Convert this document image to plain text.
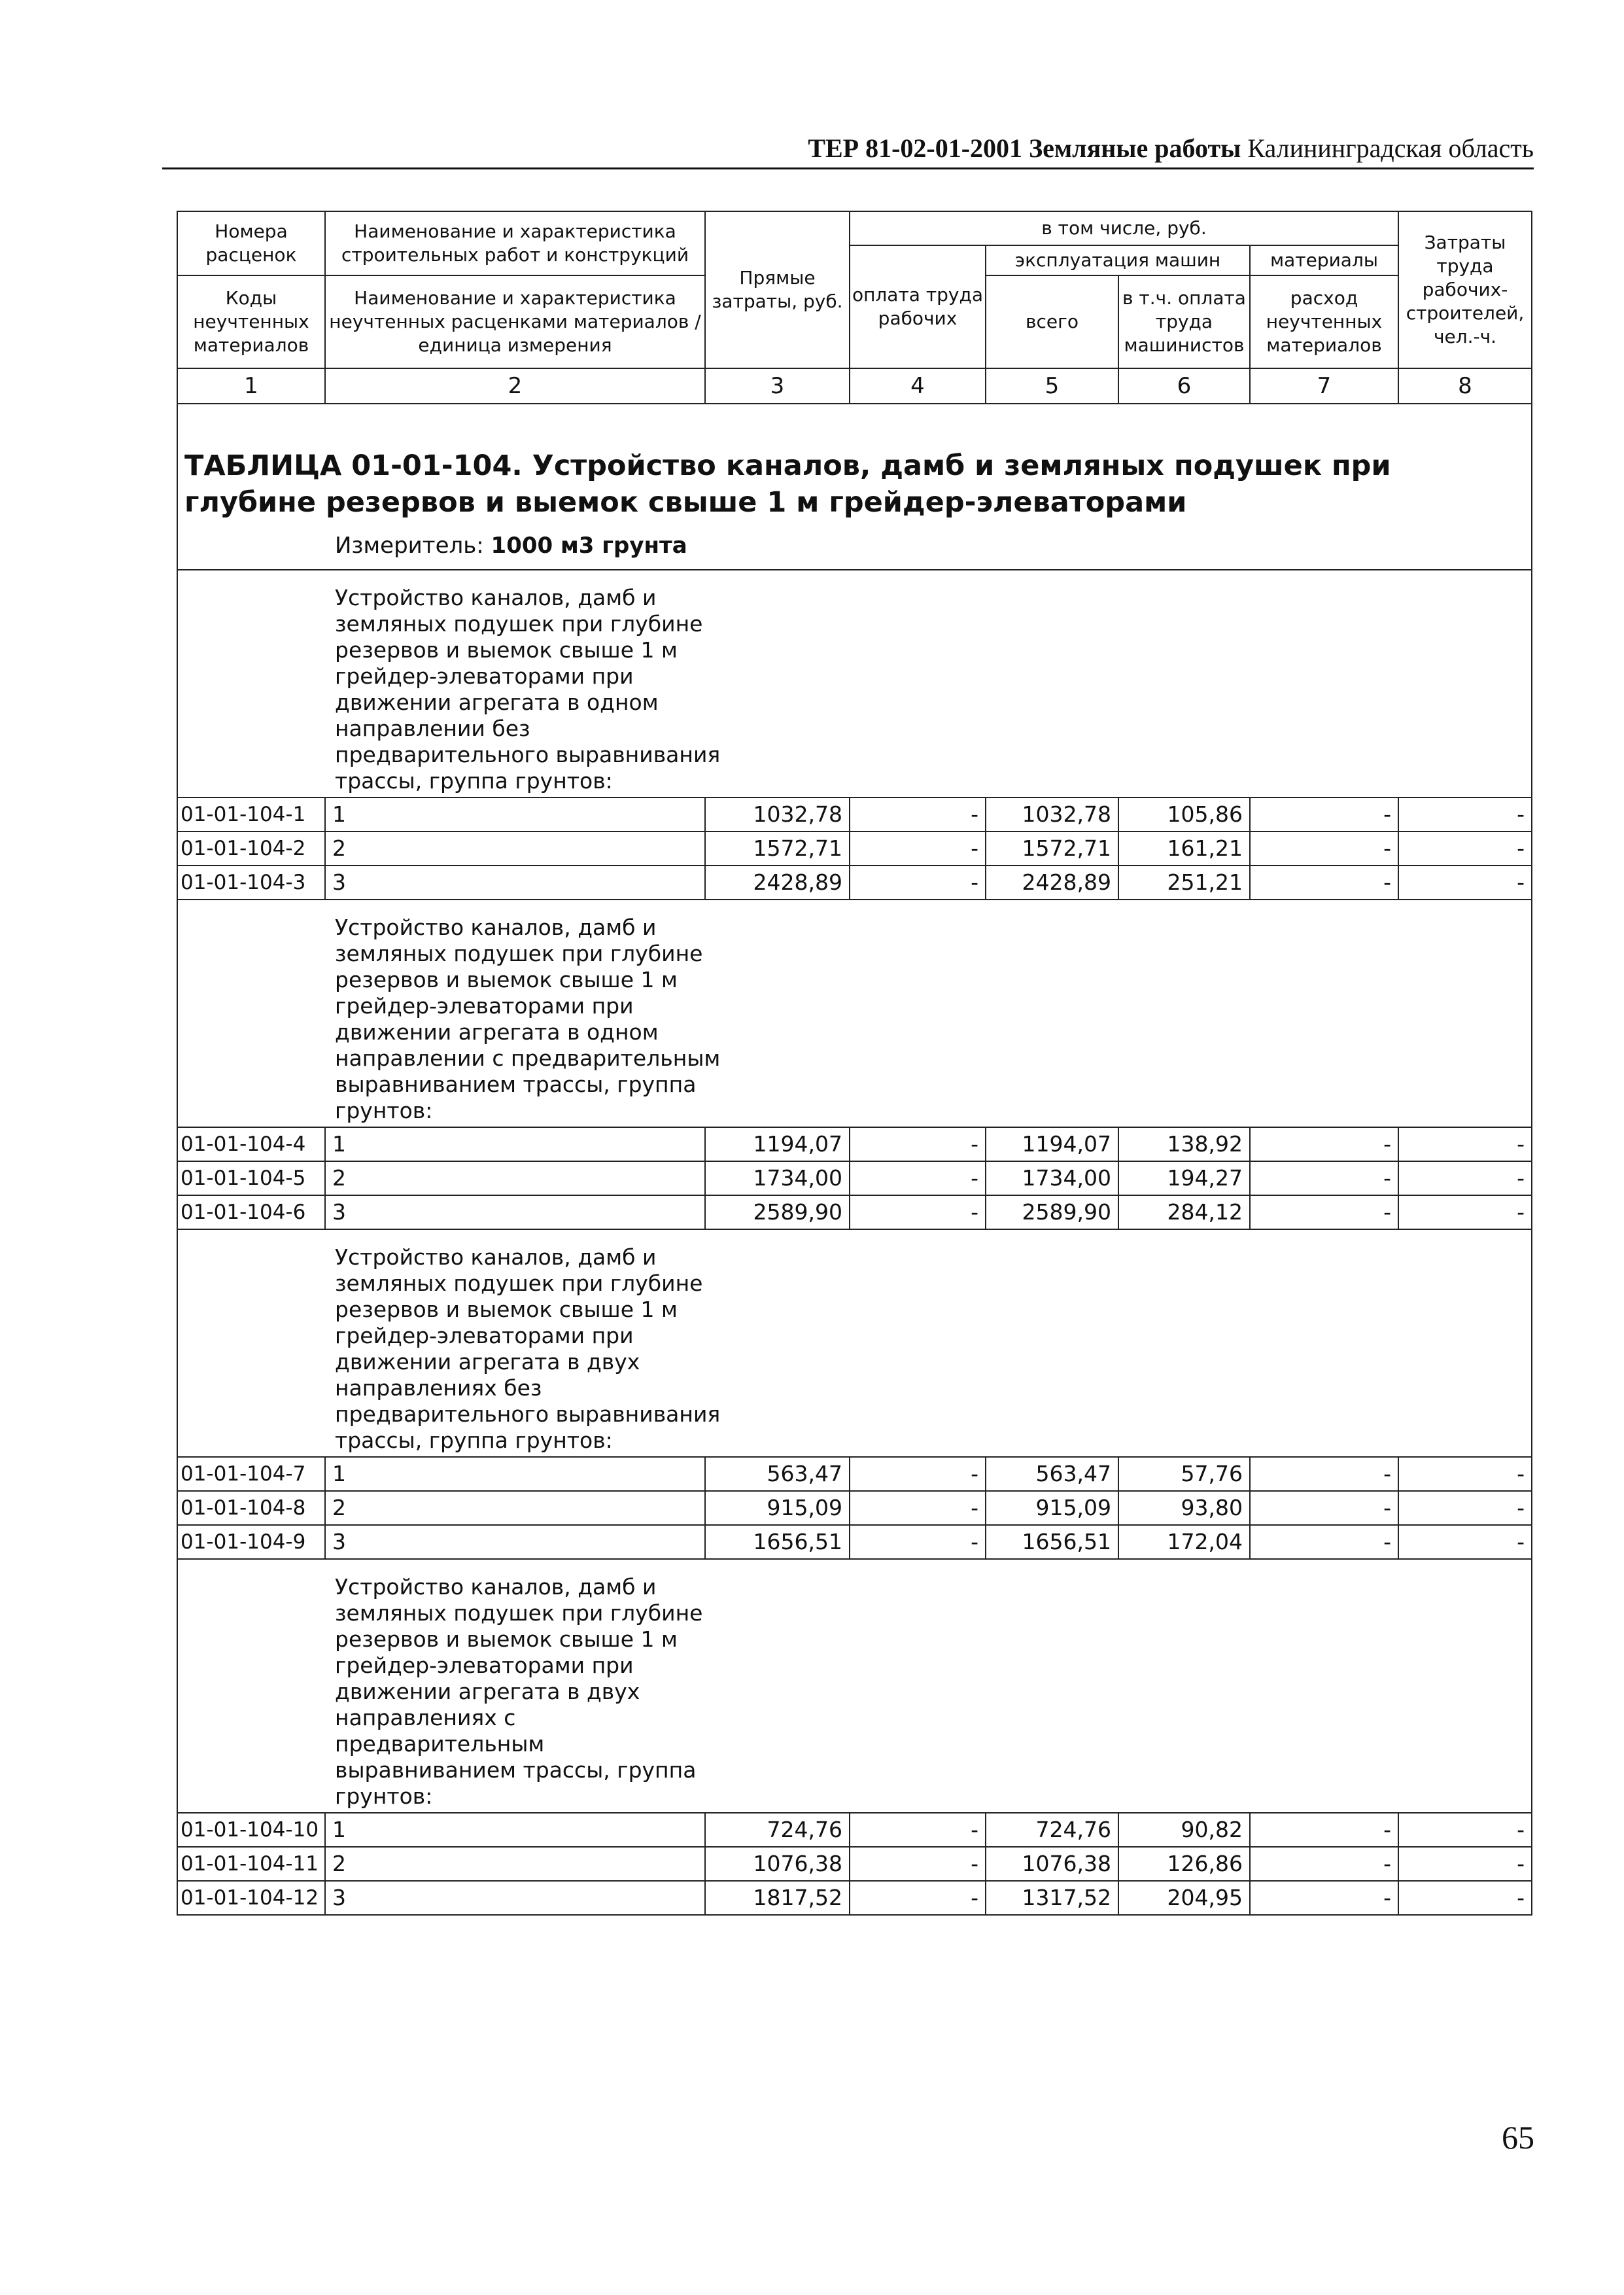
ТЕР 81-02-01-2001 Земляные работы Калининградская область
Номера расценок	Наименование и характеристика строительных работ и конструкций	Прямые затраты, руб.	в том числе, руб.				Затраты труда рабочих-строителей, чел.-ч.
			оплата труда рабочих	эксплуатация машин		материалы	
Коды неучтенных материалов	Наименование и характеристика неучтенных расценками материалов / единица измерения			всего	в т.ч. оплата труда машинистов	расход неучтенных материалов	

1	2	3	4	5	6	7	8

ТАБЛИЦА 01-01-104. Устройство каналов, дамб и земляных подушек при глубине резервов и выемок свыше 1 м грейдер-элеваторами
Измеритель: 1000 м3 грунта							

Устройство каналов, дамб и земляных подушек при глубине резервов и выемок свыше 1 м грейдер-элеваторами при движении агрегата в одном направлении без предварительного выравнивания трассы, группа грунтов:							

01-01-104-1	1	1032,78	-	1032,78	105,86	-	-
01-01-104-2	2	1572,71	-	1572,71	161,21	-	-
01-01-104-3	3	2428,89	-	2428,89	251,21	-	-

Устройство каналов, дамб и земляных подушек при глубине резервов и выемок свыше 1 м грейдер-элеваторами при движении агрегата в одном направлении с предварительным выравниванием трассы, группа грунтов:							

01-01-104-4	1	1194,07	-	1194,07	138,92	-	-
01-01-104-5	2	1734,00	-	1734,00	194,27	-	-
01-01-104-6	3	2589,90	-	2589,90	284,12	-	-

Устройство каналов, дамб и земляных подушек при глубине резервов и выемок свыше 1 м грейдер-элеваторами при движении агрегата в двух направлениях без предварительного выравнивания трассы, группа грунтов:							

01-01-104-7	1	563,47	-	563,47	57,76	-	-
01-01-104-8	2	915,09	-	915,09	93,80	-	-
01-01-104-9	3	1656,51	-	1656,51	172,04	-	-

Устройство каналов, дамб и земляных подушек при глубине резервов и выемок свыше 1 м грейдер-элеваторами при движении агрегата в двух направлениях с предварительным выравниванием трассы, группа грунтов:							

01-01-104-10	1	724,76	-	724,76	90,82	-	-
01-01-104-11	2	1076,38	-	1076,38	126,86	-	-
01-01-104-12	3	1817,52	-	1317,52	204,95	-	-
65
